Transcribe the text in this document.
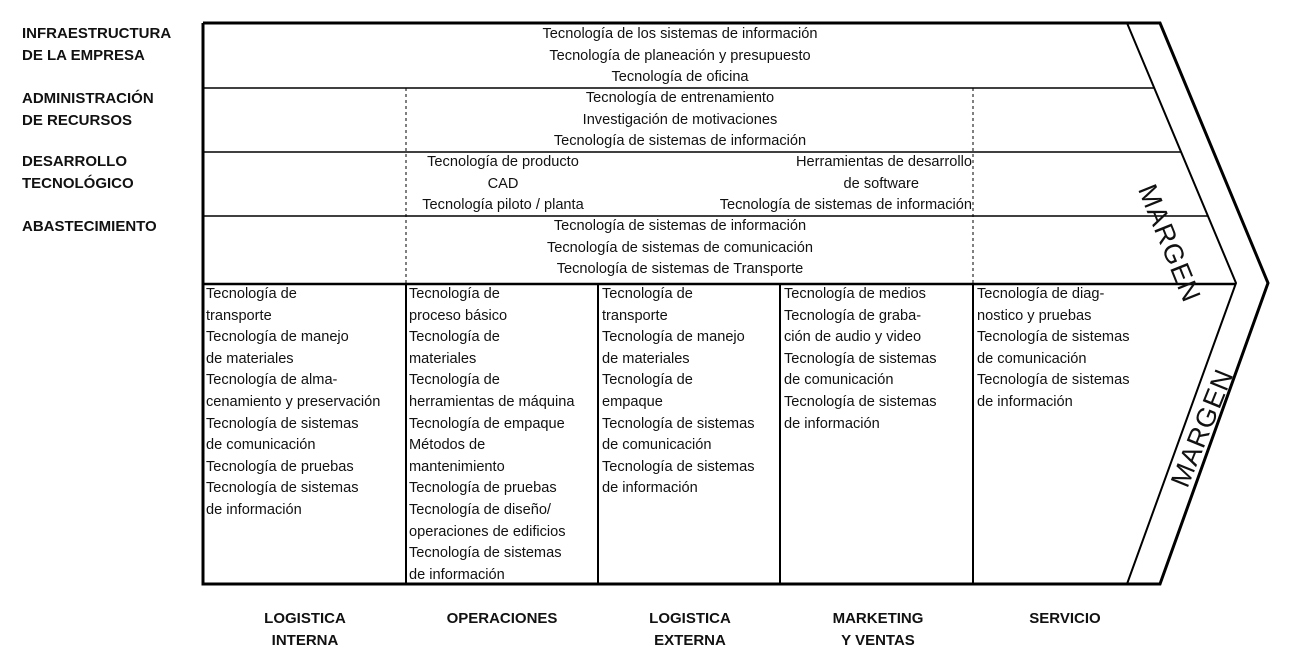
MARGEN
MARGEN
INFRAESTRUCTURA
DE LA EMPRESA
ADMINISTRACIÓN
DE RECURSOS
DESARROLLO
TECNOLÓGICO
ABASTECIMIENTO
LOGISTICA
INTERNA
OPERACIONES	LOGISTICA
EXTERNA
MARKETING
Y VENTAS
SERVICIO
Tecnología de los sistemas de información
Tecnología de planeación y presupuesto
Tecnología de oficina
Tecnología de entrenamiento
Investigación de motivaciones
Tecnología de sistemas de información
Tecnología de producto
CAD
Tecnología piloto / planta
Herramientas de desarrollo
de software
Tecnología de sistemas de información
Tecnología de sistemas de información
Tecnología de sistemas de comunicación
Tecnología de sistemas de Transporte
Tecnología de
transporte
Tecnología de manejo
de materiales
Tecnología de alma-
cenamiento y preservación
Tecnología de sistemas
de comunicación
Tecnología de pruebas
Tecnología de sistemas
de información
Tecnología de
proceso básico
Tecnología de
materiales
Tecnología de
herramientas de máquina
Tecnología de empaque
Métodos de
mantenimiento
Tecnología de pruebas
Tecnología de diseño/
operaciones de edificios
Tecnología de sistemas
de información
Tecnología de
transporte
Tecnología de manejo
de materiales
Tecnología de
empaque
Tecnología de sistemas
de comunicación
Tecnología de sistemas
de información
Tecnología de medios
Tecnología de graba-
ción de audio y video
Tecnología de sistemas
de comunicación
Tecnología de sistemas
de información
Tecnología de diag-
nostico y pruebas
Tecnología de sistemas
de comunicación
Tecnología de sistemas
de información
